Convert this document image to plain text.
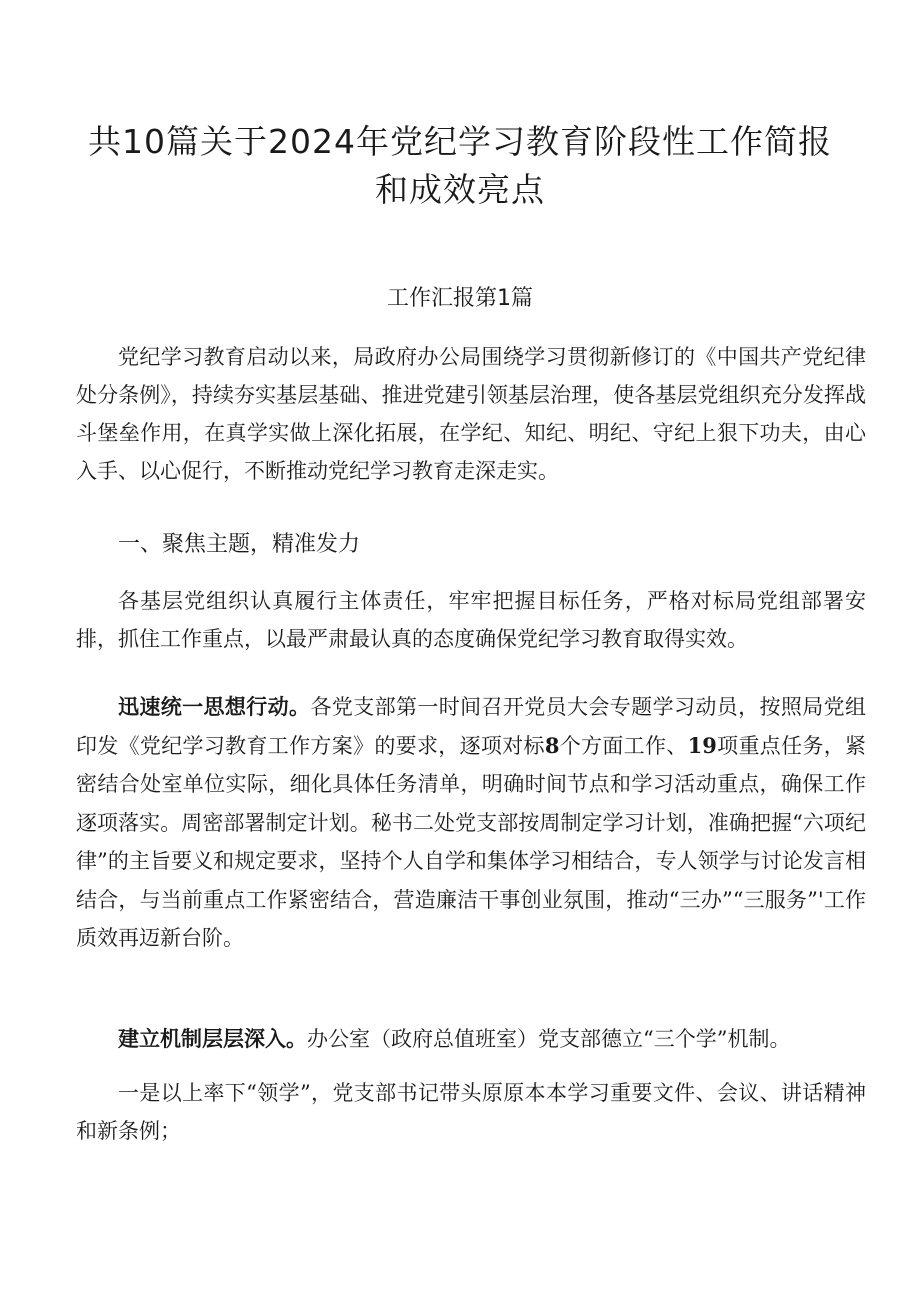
共10篇关于2024年党纪学习教育阶段性工作简报
和成效亮点
工作汇报第1篇

党纪学习教育启动以来，局政府办公局围绕学习贯彻新修订的《中国共产党纪律处分条例》，持续夯实基层基础、推进党建引领基层治理，使各基层党组织充分发挥战斗堡垒作用，在真学实做上深化拓展，在学纪、知纪、明纪、守纪上狠下功夫，由心入手、以心促行，不断推动党纪学习教育走深走实。

一、聚焦主题，精准发力

各基层党组织认真履行主体责任，牢牢把握目标任务，严格对标局党组部署安排，抓住工作重点，以最严肃最认真的态度确保党纪学习教育取得实效。

迅速统一思想行动。各党支部第一时间召开党员大会专题学习动员，按照局党组印发《党纪学习教育工作方案》的要求，逐项对标8个方面工作、19项重点任务，紧密结合处室单位实际，细化具体任务清单，明确时间节点和学习活动重点，确保工作逐项落实。周密部署制定计划。秘书二处党支部按周制定学习计划，准确把握“六项纪律”的主旨要义和规定要求，坚持个人自学和集体学习相结合，专人领学与讨论发言相结合，与当前重点工作紧密结合，营造廉洁干事创业氛围，推动“三办”“三服务”'工作质效再迈新台阶。

建立机制层层深入。办公室（政府总值班室）党支部德立“三个学”机制。

一是以上率下“领学”，党支部书记带头原原本本学习重要文件、会议、讲话精神和新条例；
